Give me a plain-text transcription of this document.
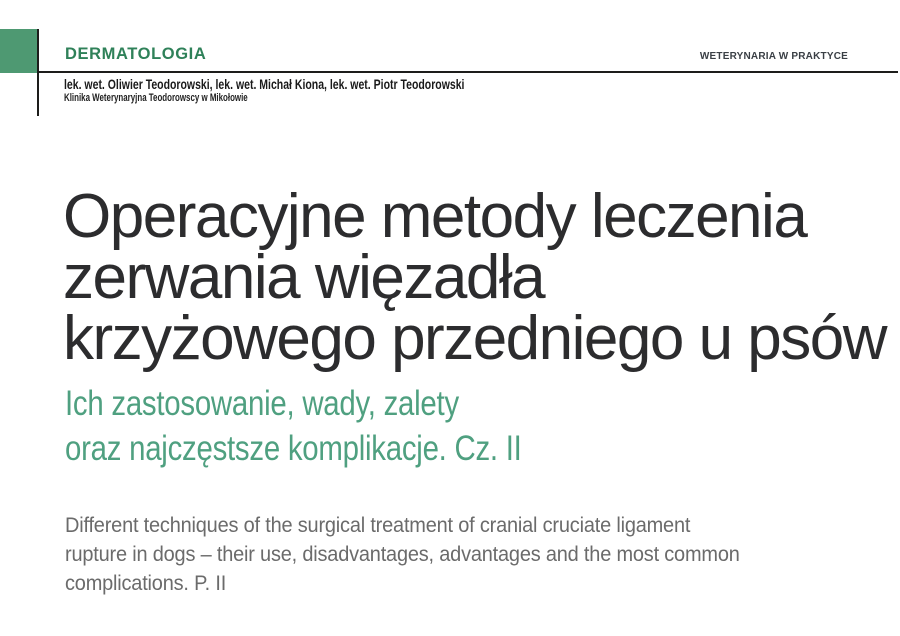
DERMATOLOGIA	WETERYNARIA W PRAKTYCE
lek. wet. Oliwier Teodorowski, lek. wet. Michał Kiona, lek. wet. Piotr Teodorowski
Klinika Weterynaryjna Teodorowscy w Mikołowie
Operacyjne metody leczenia
zerwania więzadła
krzyżowego przedniego u psów
Ich zastosowanie, wady, zalety
oraz najczęstsze komplikacje. Cz. II

Different techniques of the surgical treatment of cranial cruciate ligament
rupture in dogs – their use, disadvantages, advantages and the most common
complications. P. II
